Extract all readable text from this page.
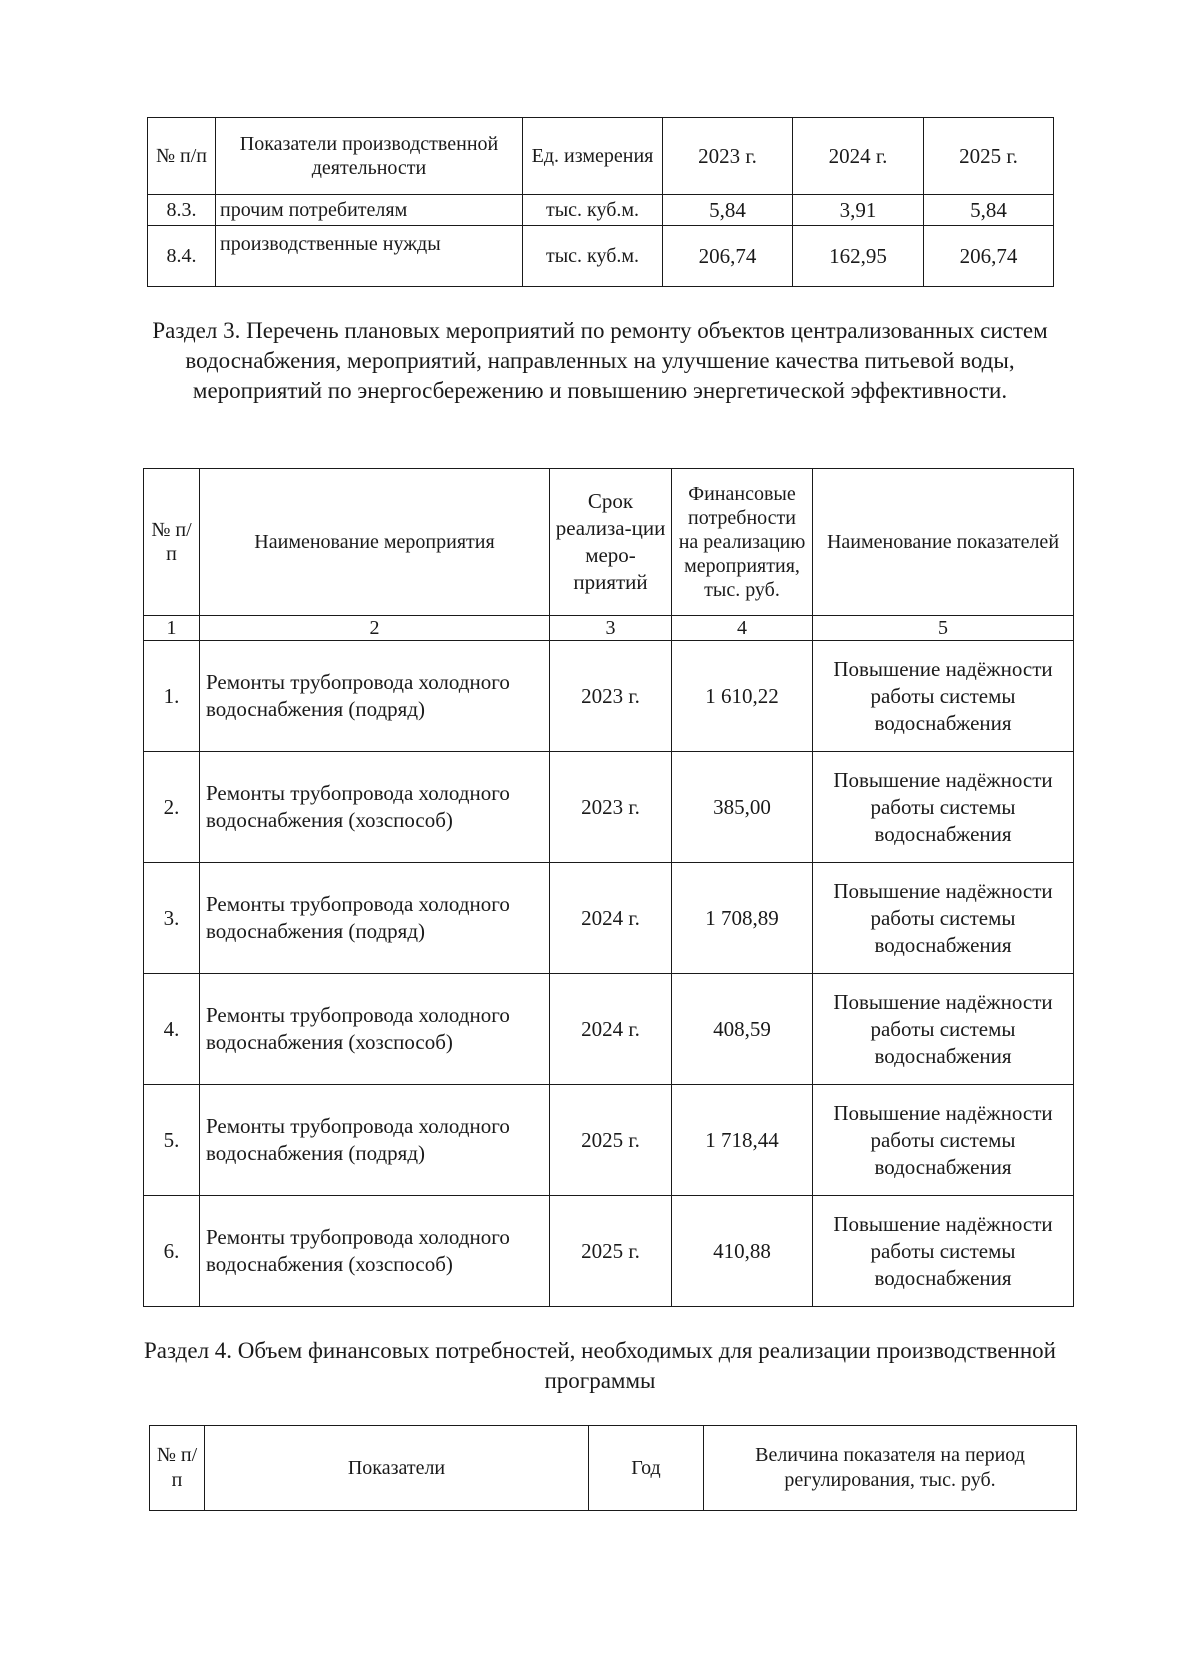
№ п/п	Показатели производственной деятельности	Ед. измерения	2023 г.	2024 г.	2025 г.
8.3.	прочим потребителям	тыс. куб.м.	5,84	3,91	5,84
8.4.	производственные нужды	тыс. куб.м.	206,74	162,95	206,74
Раздел 3. Перечень плановых мероприятий по ремонту объектов централизованных систем водоснабжения, мероприятий, направленных на улучшение качества питьевой воды, мероприятий по энергосбережению и повышению энергетической эффективности.
№ п/п	Наименование мероприятия	Срок реализа-ции меро-приятий	Финансовые потребности на реализацию мероприятия, тыс. руб.	Наименование показателей
1	2	3	4	5
1.	Ремонты трубопровода холодного водоснабжения (подряд)	2023 г.	1 610,22	Повышение надёжности работы системы водоснабжения
2.	Ремонты трубопровода холодного водоснабжения (хозспособ)	2023 г.	385,00	Повышение надёжности работы системы водоснабжения
3.	Ремонты трубопровода холодного водоснабжения (подряд)	2024 г.	1 708,89	Повышение надёжности работы системы водоснабжения
4.	Ремонты трубопровода холодного водоснабжения (хозспособ)	2024 г.	408,59	Повышение надёжности работы системы водоснабжения
5.	Ремонты трубопровода холодного водоснабжения (подряд)	2025 г.	1 718,44	Повышение надёжности работы системы водоснабжения
6.	Ремонты трубопровода холодного водоснабжения (хозспособ)	2025 г.	410,88	Повышение надёжности работы системы водоснабжения
Раздел 4. Объем финансовых потребностей, необходимых для реализации производственной программы
№ п/п	Показатели	Год	Величина показателя на период регулирования, тыс. руб.
